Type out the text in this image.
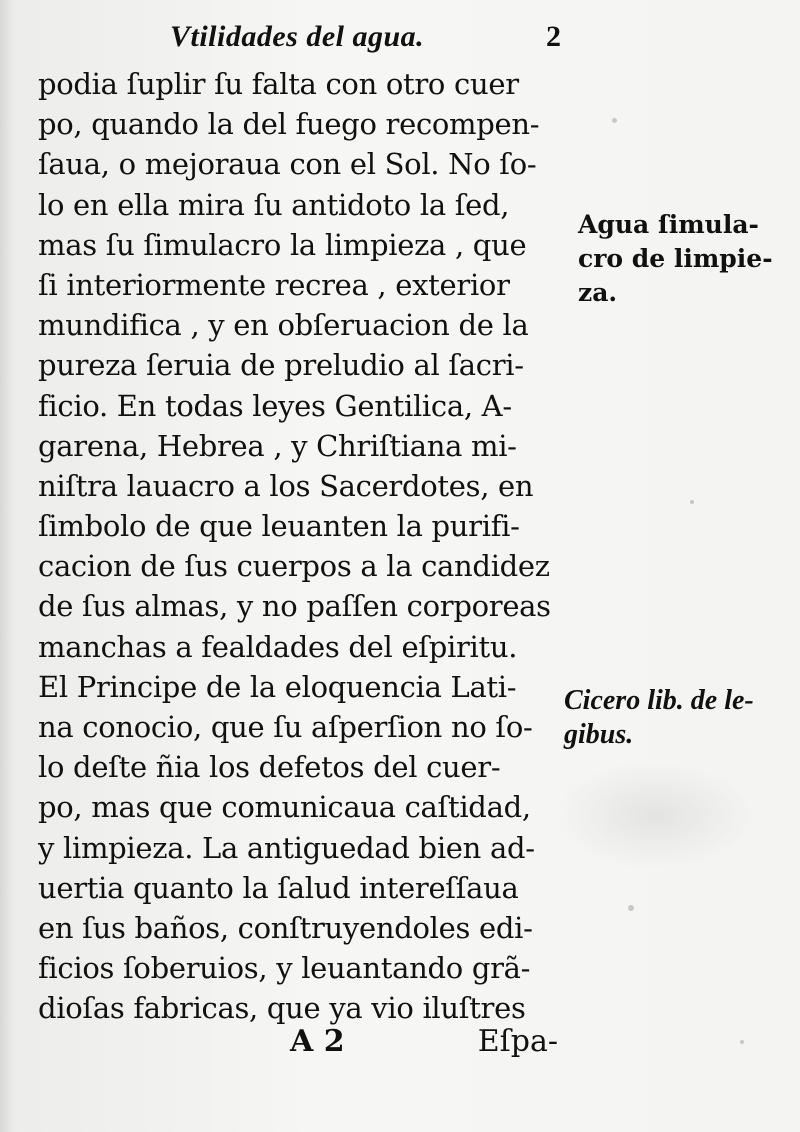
Vtilidades del agua.	2
podia ſuplir ſu falta con otro cuer
po, quando la del fuego recompen-
ſaua, o mejoraua con el Sol. No ſo-
lo en ella mira ſu antidoto la ſed,
mas ſu ſimulacro la limpieza , que
ſi interiormente recrea , exterior
mundifica , y en obſeruacion de la
pureza ſeruia de preludio al ſacri-
ficio. En todas leyes Gentilica, A-
garena, Hebrea , y Chriſtiana mi-
niſtra lauacro a los Sacerdotes, en
ſimbolo de que leuanten la purifi-
cacion de ſus cuerpos a la candidez
de ſus almas, y no paſſen corporeas
manchas a fealdades del eſpiritu.
El Principe de la eloquencia Lati-
na conocio, que ſu aſperſion no ſo-
lo deſte ñia los defetos del cuer-
po, mas que comunicaua caſtidad,
y limpieza. La antiguedad bien ad-
uertia quanto la ſalud intereſſaua
en ſus baños, conſtruyendoles edi-
ficios ſoberuios, y leuantando grã-
dioſas fabricas, que ya vio iluſtres
A 2	Eſpa-
Agua ſimula-
cro de limpie-
za.
Cicero lib. de le-
gibus.
